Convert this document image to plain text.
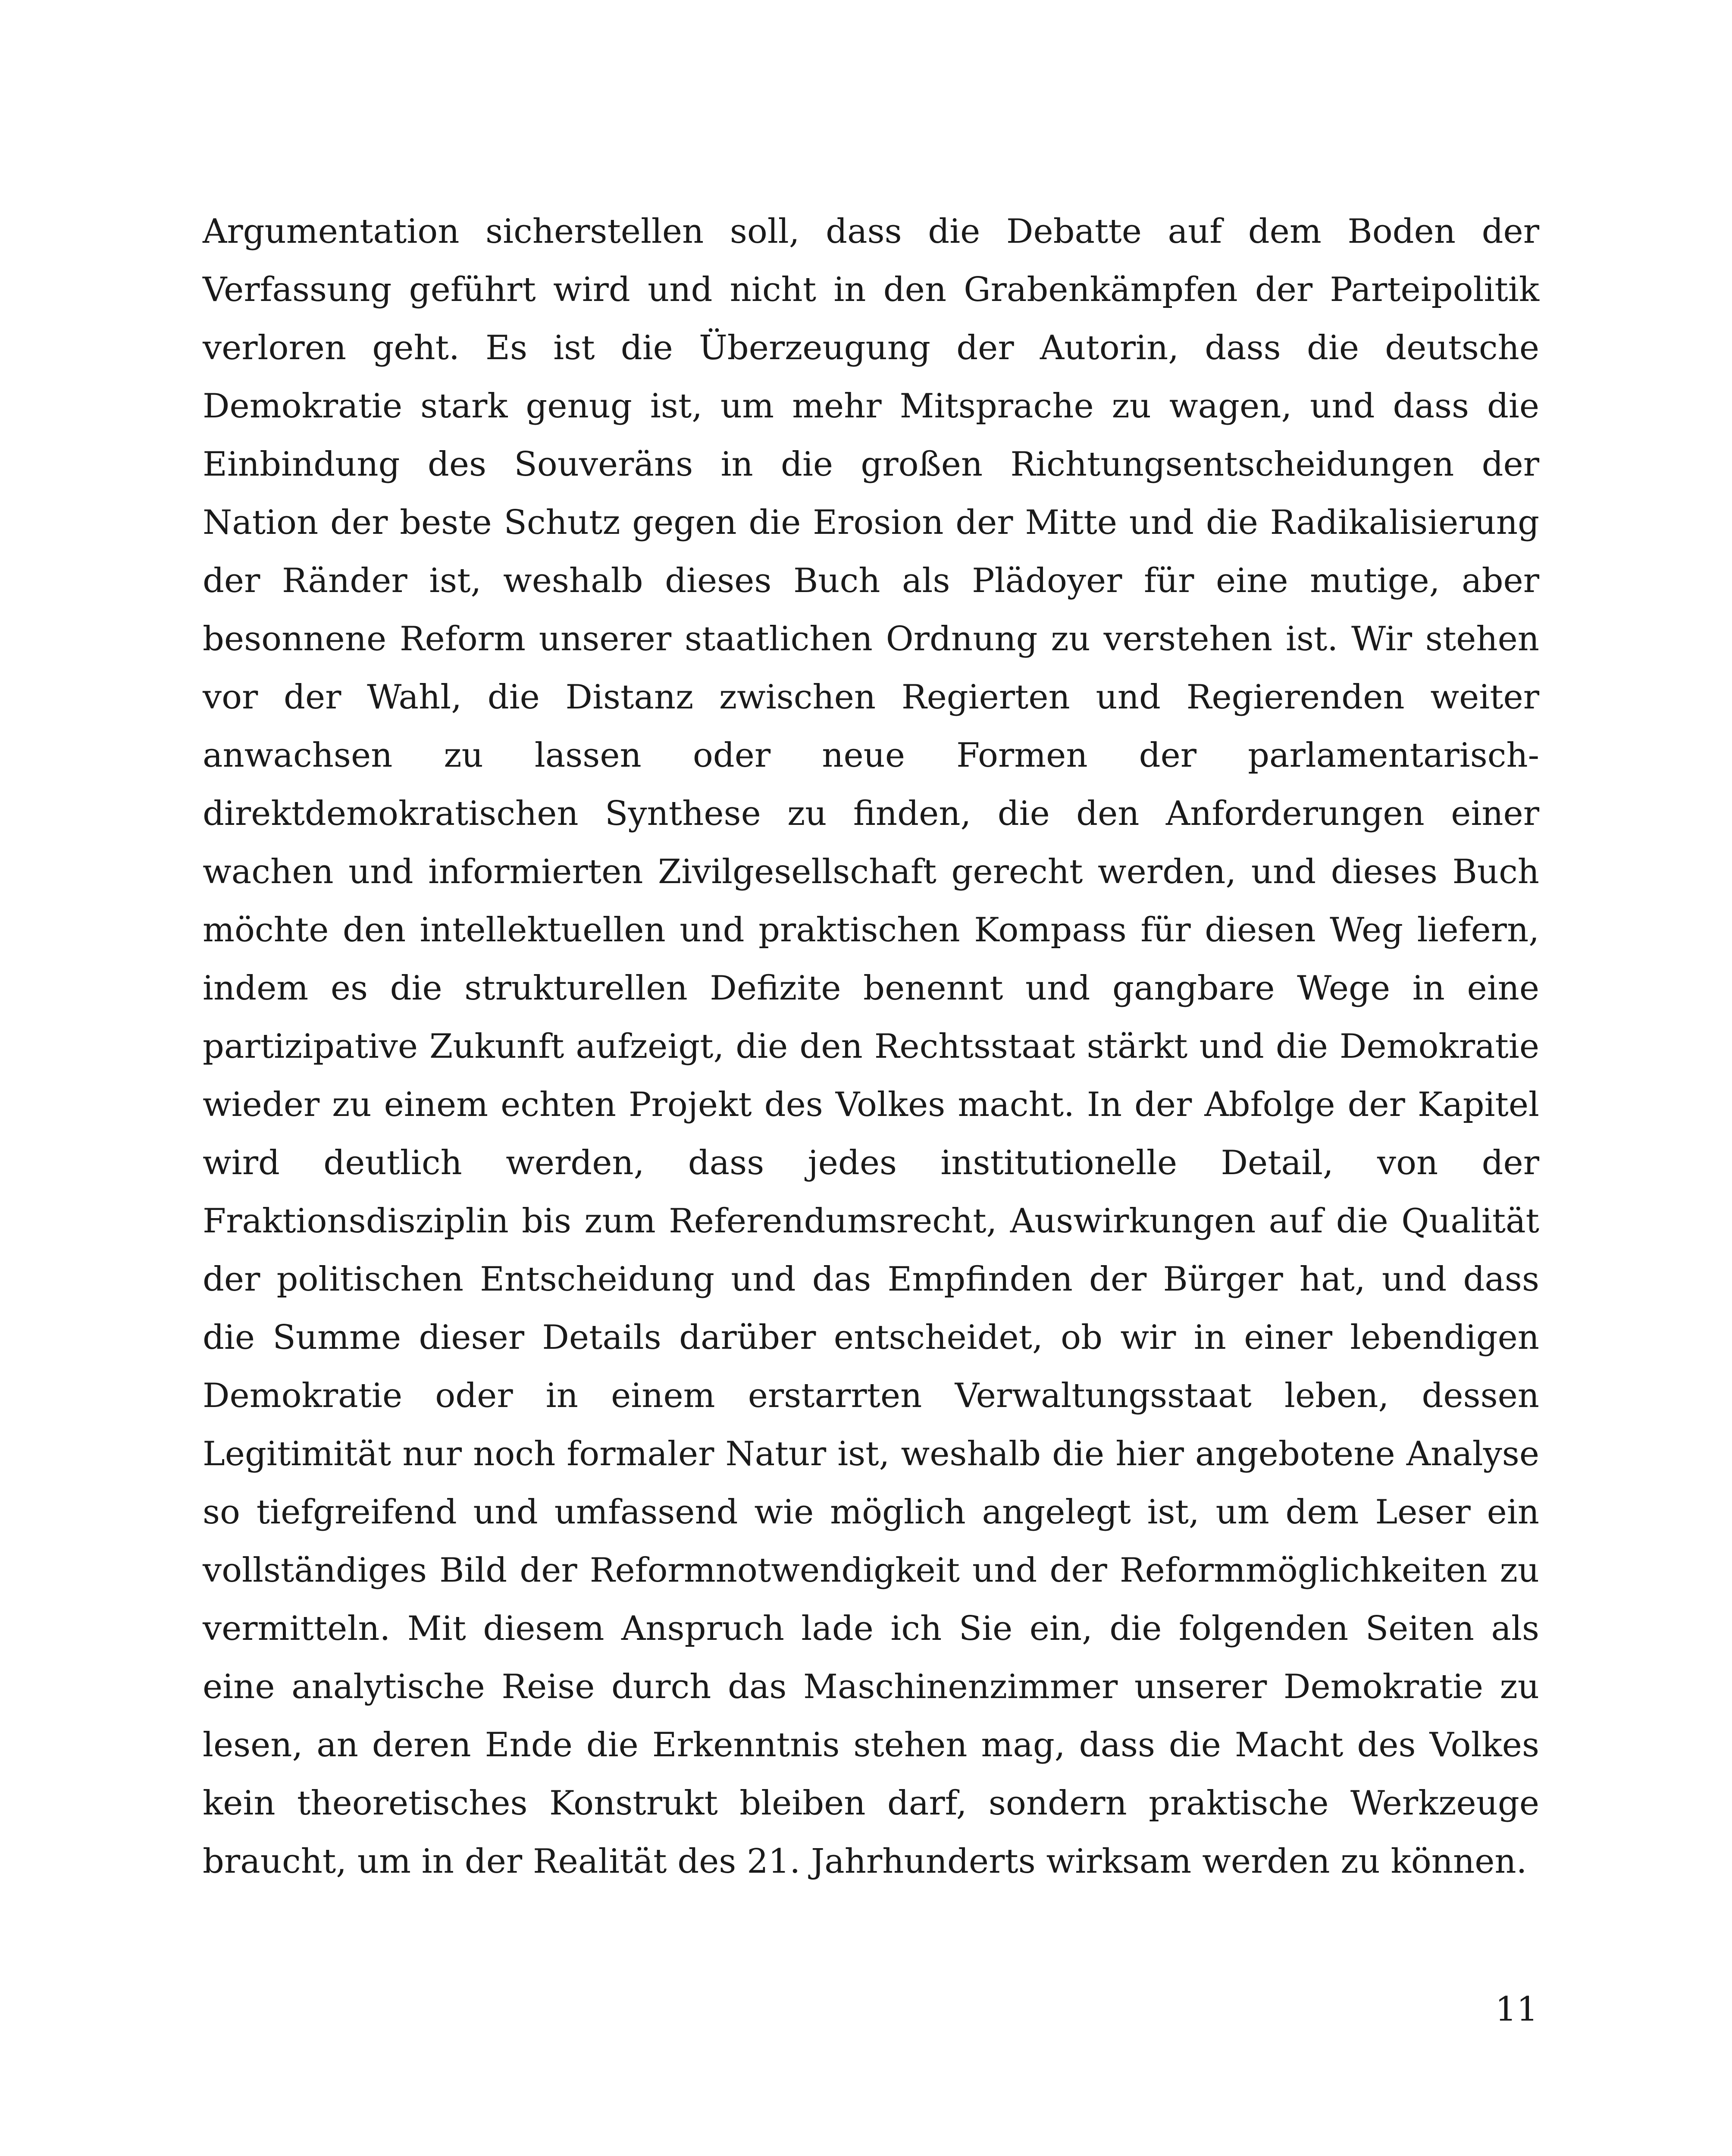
Argumentation sicherstellen soll, dass die Debatte auf dem Boden der Verfassung geführt wird und nicht in den Grabenkämpfen der Parteipolitik verloren geht. Es ist die Überzeugung der Autorin, dass die deutsche Demokratie stark genug ist, um mehr Mitsprache zu wagen, und dass die Einbindung des Souveräns in die großen Richtungsentscheidungen der Nation der beste Schutz gegen die Erosion der Mitte und die Radikalisierung der Ränder ist, weshalb dieses Buch als Plädoyer für eine mutige, aber besonnene Reform unserer staatlichen Ordnung zu verstehen ist. Wir stehen vor der Wahl, die Distanz zwischen Regierten und Regierenden weiter anwachsen zu lassen oder neue Formen der parlamentarisch-direktdemokratischen Synthese zu finden, die den Anforderungen einer wachen und informierten Zivilgesellschaft gerecht werden, und dieses Buch möchte den intellektuellen und praktischen Kompass für diesen Weg liefern, indem es die strukturellen Defizite benennt und gangbare Wege in eine partizipative Zukunft aufzeigt, die den Rechtsstaat stärkt und die Demokratie wieder zu einem echten Projekt des Volkes macht. In der Abfolge der Kapitel wird deutlich werden, dass jedes institutionelle Detail, von der Fraktionsdisziplin bis zum Referendumsrecht, Auswirkungen auf die Qualität der politischen Entscheidung und das Empfinden der Bürger hat, und dass die Summe dieser Details darüber entscheidet, ob wir in einer lebendigen Demokratie oder in einem erstarrten Verwaltungsstaat leben, dessen Legitimität nur noch formaler Natur ist, weshalb die hier angebotene Analyse so tiefgreifend und umfassend wie möglich angelegt ist, um dem Leser ein vollständiges Bild der Reformnotwendigkeit und der Reformmöglichkeiten zu vermitteln. Mit diesem Anspruch lade ich Sie ein, die folgenden Seiten als eine analytische Reise durch das Maschinenzimmer unserer Demokratie zu lesen, an deren Ende die Erkenntnis stehen mag, dass die Macht des Volkes kein theoretisches Konstrukt bleiben darf, sondern praktische Werkzeuge braucht, um in der Realität des 21. Jahrhunderts wirksam werden zu können.

11
